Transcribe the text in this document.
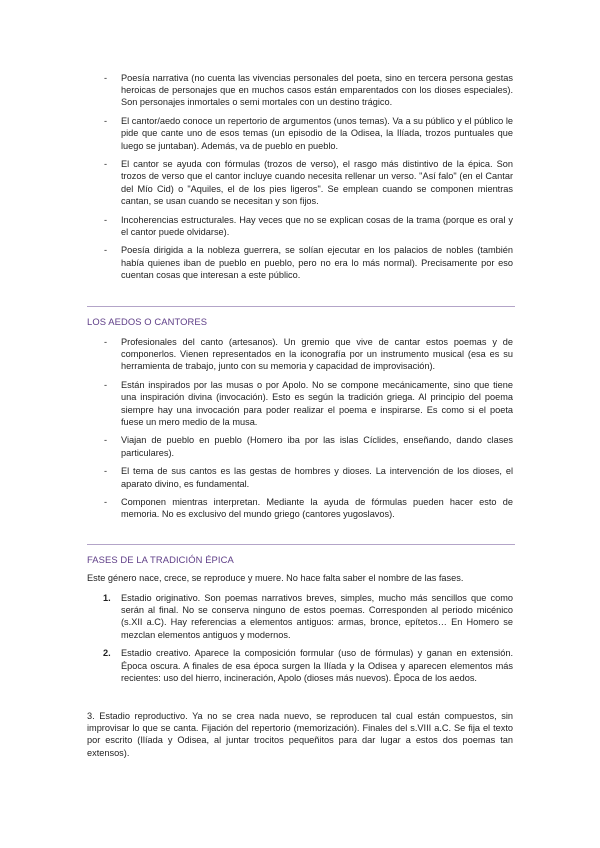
- Poesía narrativa (no cuenta las vivencias personales del poeta, sino en tercera persona gestas heroicas de personajes que en muchos casos están emparentados con los dioses especiales). Son personajes inmortales o semi mortales con un destino trágico.
- El cantor/aedo conoce un repertorio de argumentos (unos temas). Va a su público y el público le pide que cante uno de esos temas (un episodio de la Odisea, la Ilíada, trozos puntuales que luego se juntaban). Además, va de pueblo en pueblo.
- El cantor se ayuda con fórmulas (trozos de verso), el rasgo más distintivo de la épica. Son trozos de verso que el cantor incluye cuando necesita rellenar un verso. "Así falo" (en el Cantar del Mío Cid) o "Aquiles, el de los pies ligeros". Se emplean cuando se componen mientras cantan, se usan cuando se necesitan y son fijos.
- Incoherencias estructurales. Hay veces que no se explican cosas de la trama (porque es oral y el cantor puede olvidarse).
- Poesía dirigida a la nobleza guerrera, se solían ejecutar en los palacios de nobles (también había quienes iban de pueblo en pueblo, pero no era lo más normal). Precisamente por eso cuentan cosas que interesan a este público.
LOS AEDOS O CANTORES
- Profesionales del canto (artesanos). Un gremio que vive de cantar estos poemas y de componerlos. Vienen representados en la iconografía por un instrumento musical (esa es su herramienta de trabajo, junto con su memoria y capacidad de improvisación).
- Están inspirados por las musas o por Apolo. No se compone mecánicamente, sino que tiene una inspiración divina (invocación). Esto es según la tradición griega. Al principio del poema siempre hay una invocación para poder realizar el poema e inspirarse. Es como si el poeta fuese un mero medio de la musa.
- Viajan de pueblo en pueblo (Homero iba por las islas Cíclides, enseñando, dando clases particulares).
- El tema de sus cantos es las gestas de hombres y dioses. La intervención de los dioses, el aparato divino, es fundamental.
- Componen mientras interpretan. Mediante la ayuda de fórmulas pueden hacer esto de memoria. No es exclusivo del mundo griego (cantores yugoslavos).
FASES DE LA TRADICIÓN ÉPICA
Este género nace, crece, se reproduce y muere. No hace falta saber el nombre de las fases.
1. Estadio originativo. Son poemas narrativos breves, simples, mucho más sencillos que como serán al final. No se conserva ninguno de estos poemas. Corresponden al periodo micénico (s.XII a.C). Hay referencias a elementos antiguos: armas, bronce, epítetos… En Homero se mezclan elementos antiguos y modernos.
2. Estadio creativo. Aparece la composición formular (uso de fórmulas) y ganan en extensión. Época oscura. A finales de esa época surgen la Ilíada y la Odisea y aparecen elementos más recientes: uso del hierro, incineración, Apolo (dioses más nuevos). Época de los aedos.
3. Estadio reproductivo. Ya no se crea nada nuevo, se reproducen tal cual están compuestos, sin improvisar lo que se canta. Fijación del repertorio (memorización). Finales del s.VIII a.C. Se fija el texto por escrito (Ilíada y Odisea, al juntar trocitos pequeñitos para dar lugar a estos dos poemas tan extensos).
